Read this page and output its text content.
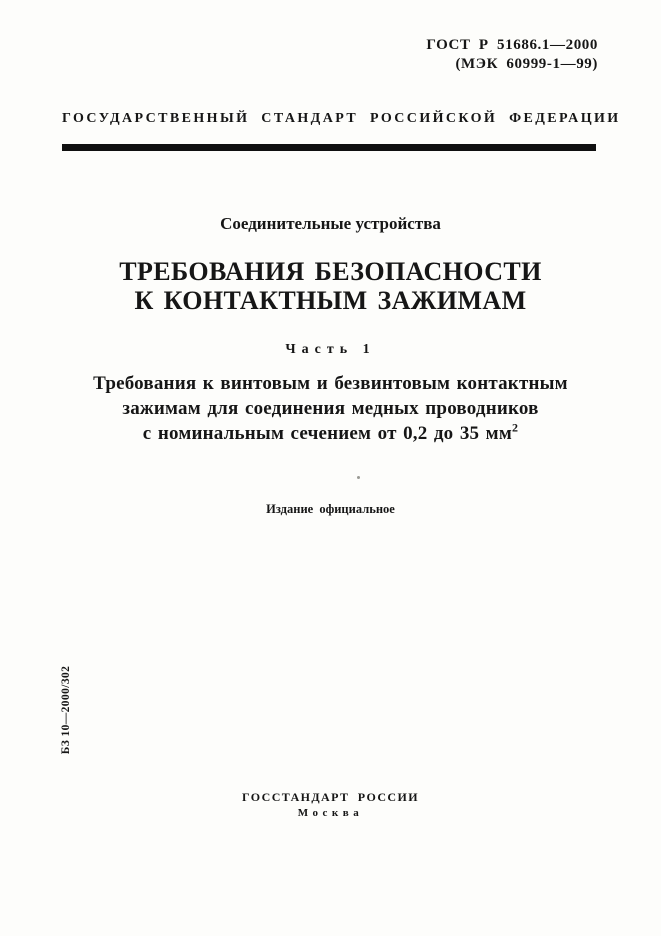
ГОСТ Р 51686.1—2000
(МЭК 60999-1—99)
ГОСУДАРСТВЕННЫЙ СТАНДАРТ РОССИЙСКОЙ ФЕДЕРАЦИИ
Соединительные устройства
ТРЕБОВАНИЯ БЕЗОПАСНОСТИ
К КОНТАКТНЫМ ЗАЖИМАМ
Часть 1
Требования к винтовым и безвинтовым контактным
зажимам для соединения медных проводников
с номинальным сечением от 0,2 до 35 $мм^2$
Издание официальное
БЗ 10—2000/302
ГОССТАНДАРТ РОССИИ
Москва
